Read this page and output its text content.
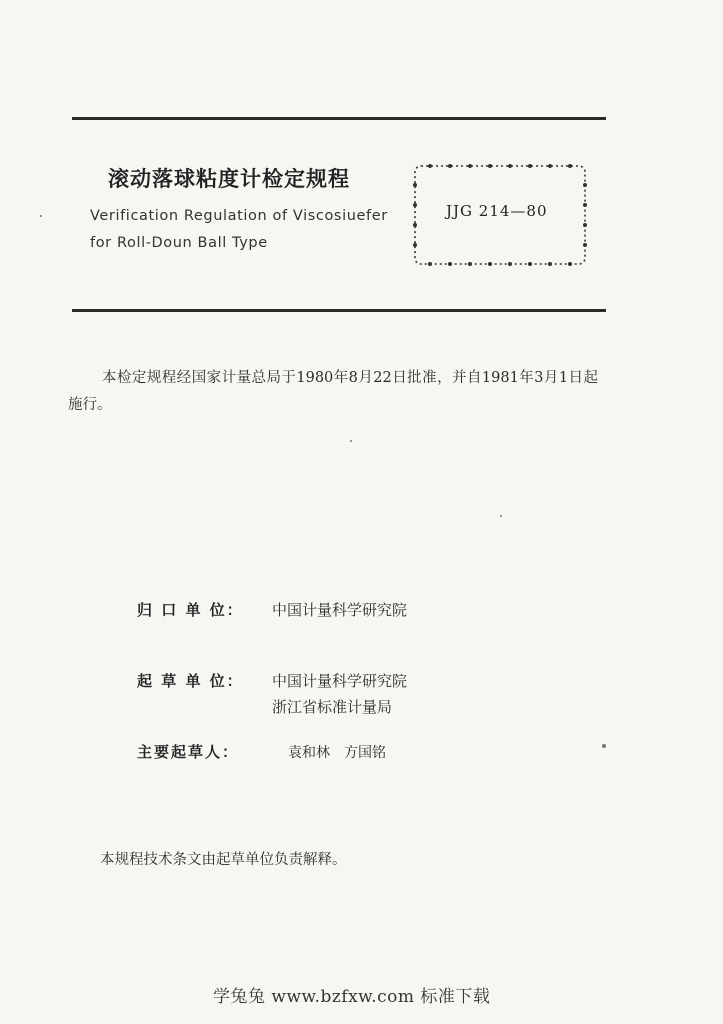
滚动落球粘度计检定规程
Verification Regulation of Viscosiuefer
for Roll-Doun Ball Type
JJG 214—80
本检定规程经国家计量总局于1980年8月22日批准，并自1981年3月1日起施行。
归 口 单 位： 中国计量科学研究院
起 草 单 位： 中国计量科学研究院
浙江省标准计量局
主要起草人：	袁和林　方国铭
本规程技术条文由起草单位负责解释。
学兔兔 www.bzfxw.com 标准下载
